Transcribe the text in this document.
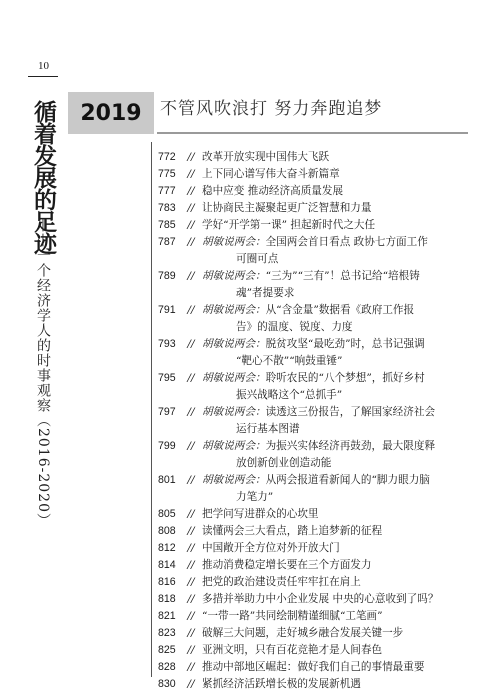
10
循着发展的足迹
——一个经济学人的时事观察（2016-2020）
2019	不管风吹浪打 努力奔跑追梦
772	// 改革开放实现中国伟大飞跃
775	// 上下同心谱写伟大奋斗新篇章
777	// 稳中应变 推动经济高质量发展
783	// 让协商民主凝聚起更广泛智慧和力量
785	// 学好“开学第一课” 担起新时代之大任
787	// 胡敏说两会：全国两会首日看点 政协七方面工作
可圈可点
789	// 胡敏说两会：“三为”“三有”！总书记给“培根铸
魂”者提要求
791	// 胡敏说两会：从“含金量”数据看《政府工作报
告》的温度、锐度、力度
793	// 胡敏说两会：脱贫攻坚“最吃劲”时，总书记强调
“靶心不散”“响鼓重锤”
795	// 胡敏说两会：聆听农民的“八个梦想”，抓好乡村
振兴战略这个“总抓手”
797	// 胡敏说两会：读透这三份报告，了解国家经济社会
运行基本图谱
799	// 胡敏说两会：为振兴实体经济再鼓劲，最大限度释
放创新创业创造动能
801	// 胡敏说两会：从两会报道看新闻人的“脚力眼力脑
力笔力”
805	// 把学问写进群众的心坎里
808	// 读懂两会三大看点，踏上追梦新的征程
812	// 中国敞开全方位对外开放大门
814	// 推动消费稳定增长要在三个方面发力
816	// 把党的政治建设责任牢牢扛在肩上
818	// 多措并举助力中小企业发展 中央的心意收到了吗？
821	// “一带一路”共同绘制精谨细腻“工笔画”
823	// 破解三大问题，走好城乡融合发展关键一步
825	// 亚洲文明，只有百花竞艳才是人间春色
828	// 推动中部地区崛起：做好我们自己的事情最重要
830	// 紧抓经济活跃增长极的发展新机遇
